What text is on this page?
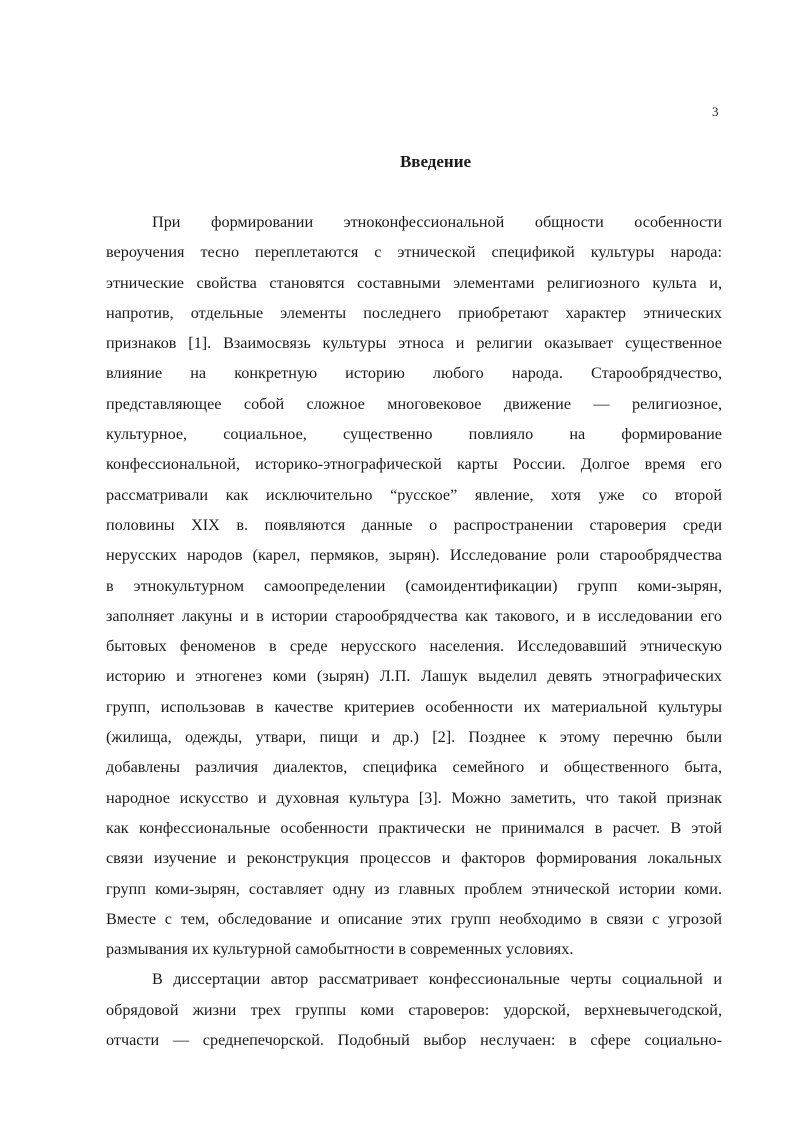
3
Введение
При формировании этноконфессиональной общности особенности
вероучения тесно переплетаются с этнической спецификой культуры народа:
этнические свойства становятся составными элементами религиозного культа и,
напротив, отдельные элементы последнего приобретают характер этнических
признаков [1]. Взаимосвязь культуры этноса и религии оказывает существенное
влияние на конкретную историю любого народа. Старообрядчество,
представляющее собой сложное многовековое движение — религиозное,
культурное, социальное, существенно повлияло на формирование
конфессиональной, историко-этнографической карты России. Долгое время его
рассматривали как исключительно “русское” явление, хотя уже со второй
половины XIX в. появляются данные о распространении староверия среди
нерусских народов (карел, пермяков, зырян). Исследование роли старообрядчества
в этнокультурном самоопределении (самоидентификации) групп коми-зырян,
заполняет лакуны и в истории старообрядчества как такового, и в исследовании его
бытовых феноменов в среде нерусского населения. Исследовавший этническую
историю и этногенез коми (зырян) Л.П. Лашук выделил девять этнографических
групп, использовав в качестве критериев особенности их материальной культуры
(жилища, одежды, утвари, пищи и др.) [2]. Позднее к этому перечню были
добавлены различия диалектов, специфика семейного и общественного быта,
народное искусство и духовная культура [3]. Можно заметить, что такой признак
как конфессиональные особенности практически не принимался в расчет. В этой
связи изучение и реконструкция процессов и факторов формирования локальных
групп коми-зырян, составляет одну из главных проблем этнической истории коми.
Вместе с тем, обследование и описание этих групп необходимо в связи с угрозой
размывания их культурной самобытности в современных условиях.
В диссертации автор рассматривает конфессиональные черты социальной и
обрядовой жизни трех группы коми староверов: удорской, верхневычегодской,
отчасти — среднепечорской. Подобный выбор неслучаен: в сфере социально-
